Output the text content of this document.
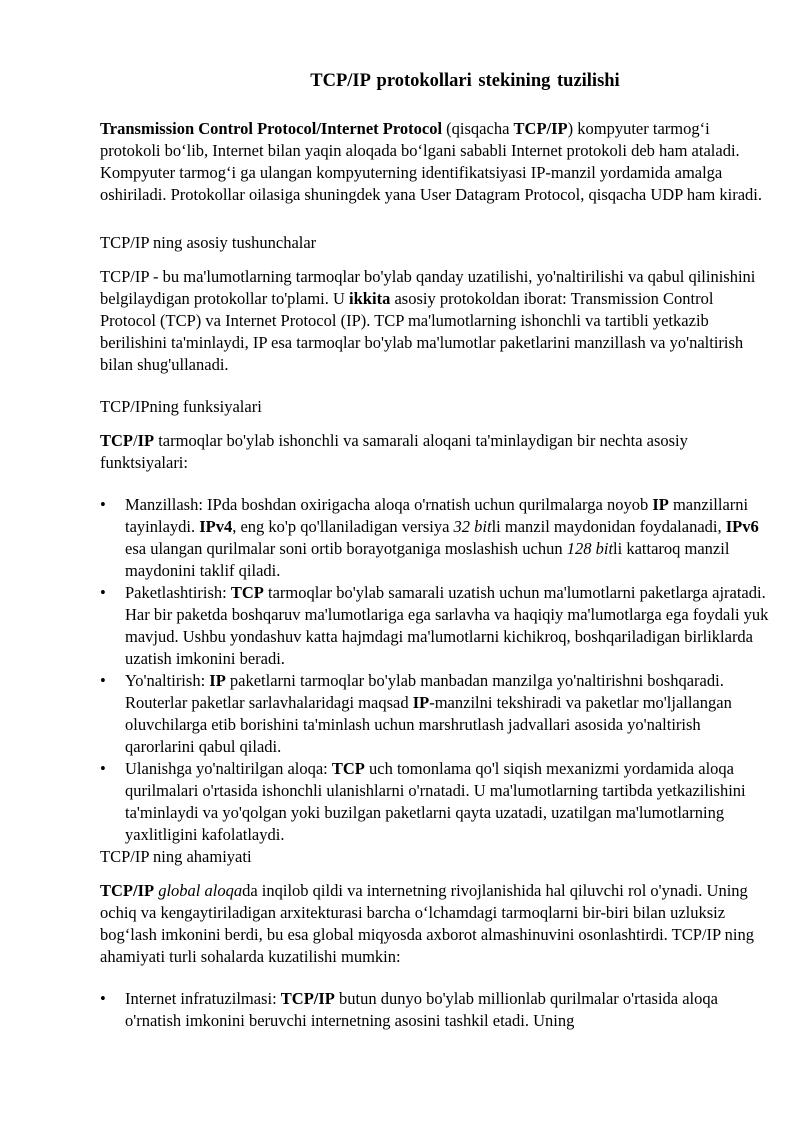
TCP/IP protokollari stekining tuzilishi

Transmission Control Protocol/Internet Protocol (qisqacha TCP/IP) kompyuter tarmog‘i protokoli bo‘lib, Internet bilan yaqin aloqada bo‘lgani sababli Internet protokoli deb ham ataladi. Kompyuter tarmog‘i ga ulangan kompyuterning identifikatsiyasi IP-manzil yordamida amalga oshiriladi. Protokollar oilasiga shuningdek yana User Datagram Protocol, qisqacha UDP ham kiradi.

TCP/IP ning asosiy tushunchalar

TCP/IP - bu ma'lumotlarning tarmoqlar bo'ylab qanday uzatilishi, yo'naltirilishi va qabul qilinishini belgilaydigan protokollar to'plami. U ikkita asosiy protokoldan iborat: Transmission Control Protocol (TCP) va Internet Protocol (IP). TCP ma'lumotlarning ishonchli va tartibli yetkazib berilishini ta'minlaydi, IP esa tarmoqlar bo'ylab ma'lumotlar paketlarini manzillash va yo'naltirish bilan shug'ullanadi.

TCP/IPning funksiyalari

TCP/IP tarmoqlar bo'ylab ishonchli va samarali aloqani ta'minlaydigan bir nechta asosiy funktsiyalari:

• Manzillash: IPda boshdan oxirigacha aloqa o'rnatish uchun qurilmalarga noyob IP manzillarni tayinlaydi. IPv4, eng ko'p qo'llaniladigan versiya 32 bitli manzil maydonidan foydalanadi, IPv6 esa ulangan qurilmalar soni ortib borayotganiga moslashish uchun 128 bitli kattaroq manzil maydonini taklif qiladi.
• Paketlashtirish: TCP tarmoqlar bo'ylab samarali uzatish uchun ma'lumotlarni paketlarga ajratadi. Har bir paketda boshqaruv ma'lumotlariga ega sarlavha va haqiqiy ma'lumotlarga ega foydali yuk mavjud. Ushbu yondashuv katta hajmdagi ma'lumotlarni kichikroq, boshqariladigan birliklarda uzatish imkonini beradi.
• Yo'naltirish: IP paketlarni tarmoqlar bo'ylab manbadan manzilga yo'naltirishni boshqaradi. Routerlar paketlar sarlavhalaridagi maqsad IP-manzilni tekshiradi va paketlar mo'ljallangan oluvchilarga etib borishini ta'minlash uchun marshrutlash jadvallari asosida yo'naltirish qarorlarini qabul qiladi.
• Ulanishga yo'naltirilgan aloqa: TCP uch tomonlama qo'l siqish mexanizmi yordamida aloqa qurilmalari o'rtasida ishonchli ulanishlarni o'rnatadi. U ma'lumotlarning tartibda yetkazilishini ta'minlaydi va yo'qolgan yoki buzilgan paketlarni qayta uzatadi, uzatilgan ma'lumotlarning yaxlitligini kafolatlaydi.

TCP/IP ning ahamiyati

TCP/IP global aloqada inqilob qildi va internetning rivojlanishida hal qiluvchi rol o'ynadi. Uning ochiq va kengaytiriladigan arxitekturasi barcha o‘lchamdagi tarmoqlarni bir-biri bilan uzluksiz bog‘lash imkonini berdi, bu esa global miqyosda axborot almashinuvini osonlashtirdi. TCP/IP ning ahamiyati turli sohalarda kuzatilishi mumkin:

• Internet infratuzilmasi: TCP/IP butun dunyo bo'ylab millionlab qurilmalar o'rtasida aloqa o'rnatish imkonini beruvchi internetning asosini tashkil etadi. Uning
